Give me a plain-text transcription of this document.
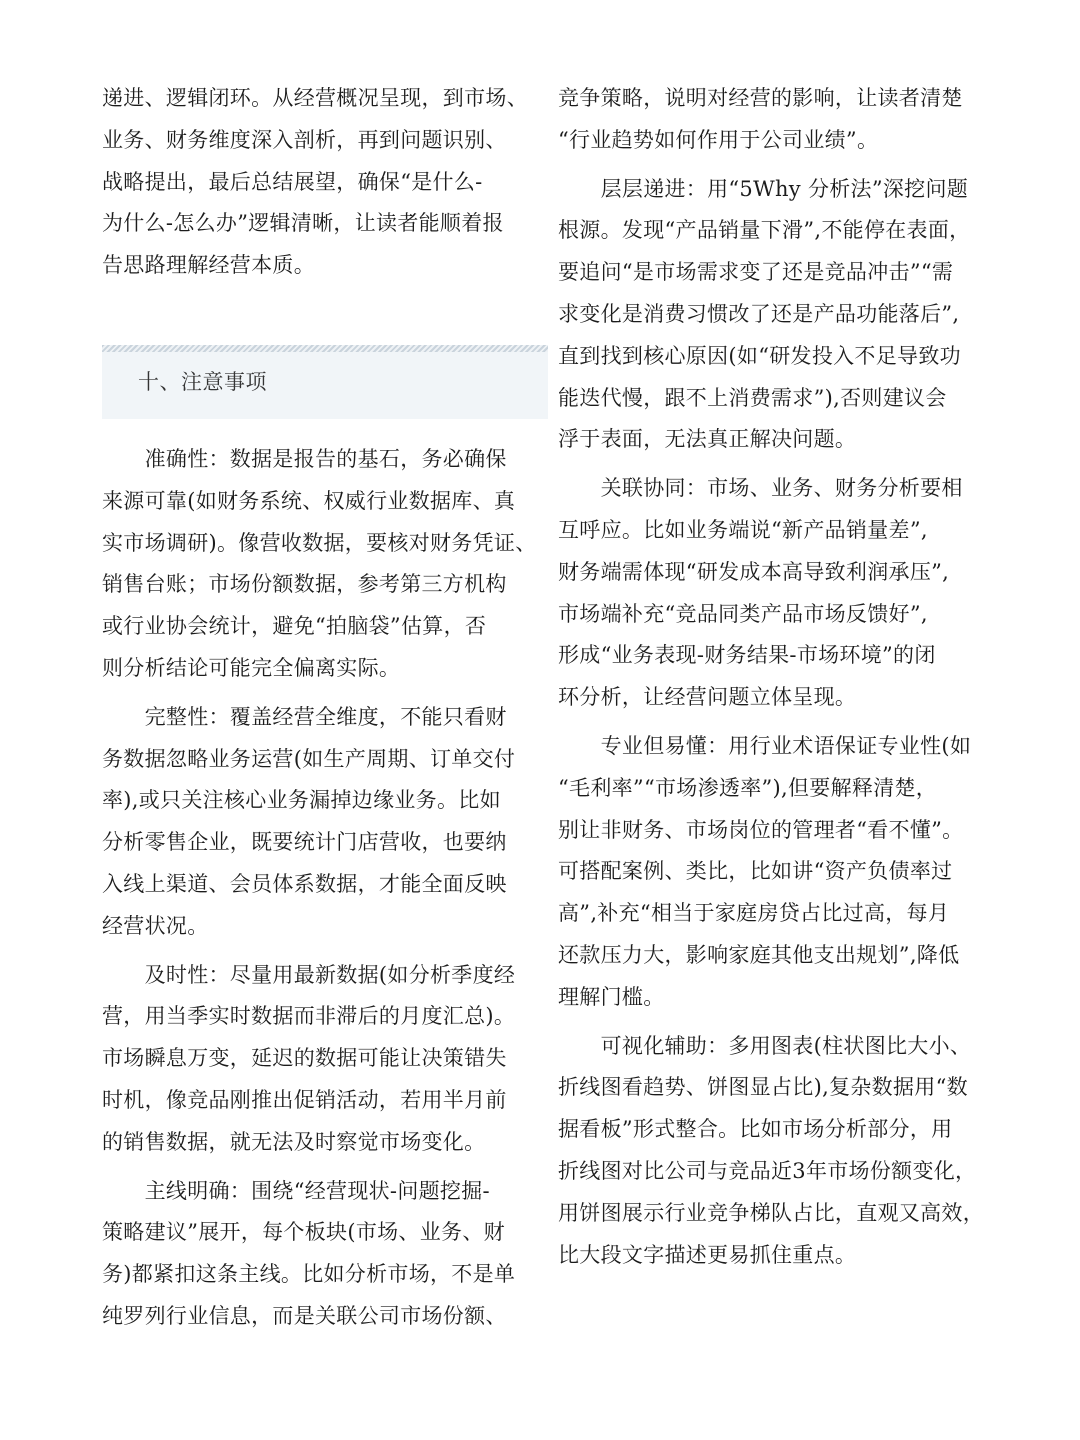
递进、逻辑闭环。从经营概况呈现，到市场、
业务、财务维度深入剖析，再到问题识别、
战略提出，最后总结展望，确保“是什么-
为什么-怎么办”逻辑清晰，让读者能顺着报
告思路理解经营本质。
十、注意事项
　　准确性：数据是报告的基石，务必确保
来源可靠(如财务系统、权威行业数据库、真
实市场调研)。像营收数据，要核对财务凭证、
销售台账；市场份额数据，参考第三方机构
或行业协会统计，避免“拍脑袋”估算，否
则分析结论可能完全偏离实际。
　　完整性：覆盖经营全维度，不能只看财
务数据忽略业务运营(如生产周期、订单交付
率),或只关注核心业务漏掉边缘业务。比如
分析零售企业，既要统计门店营收，也要纳
入线上渠道、会员体系数据，才能全面反映
经营状况。
　　及时性：尽量用最新数据(如分析季度经
营，用当季实时数据而非滞后的月度汇总)。
市场瞬息万变，延迟的数据可能让决策错失
时机，像竞品刚推出促销活动，若用半月前
的销售数据，就无法及时察觉市场变化。
　　主线明确：围绕“经营现状-问题挖掘-
策略建议”展开，每个板块(市场、业务、财
务)都紧扣这条主线。比如分析市场，不是单
纯罗列行业信息，而是关联公司市场份额、
竞争策略，说明对经营的影响，让读者清楚
“行业趋势如何作用于公司业绩”。
　　层层递进：用“5Why 分析法”深挖问题
根源。发现“产品销量下滑”,不能停在表面，
要追问“是市场需求变了还是竞品冲击”“需
求变化是消费习惯改了还是产品功能落后”,
直到找到核心原因(如“研发投入不足导致功
能迭代慢，跟不上消费需求”),否则建议会
浮于表面，无法真正解决问题。
　　关联协同：市场、业务、财务分析要相
互呼应。比如业务端说“新产品销量差”,
财务端需体现“研发成本高导致利润承压”,
市场端补充“竞品同类产品市场反馈好”,
形成“业务表现-财务结果-市场环境”的闭
环分析，让经营问题立体呈现。
　　专业但易懂：用行业术语保证专业性(如
“毛利率”“市场渗透率”),但要解释清楚，
别让非财务、市场岗位的管理者“看不懂”。
可搭配案例、类比，比如讲“资产负债率过
高”,补充“相当于家庭房贷占比过高，每月
还款压力大，影响家庭其他支出规划”,降低
理解门槛。
　　可视化辅助：多用图表(柱状图比大小、
折线图看趋势、饼图显占比),复杂数据用“数
据看板”形式整合。比如市场分析部分，用
折线图对比公司与竞品近3年市场份额变化，
用饼图展示行业竞争梯队占比，直观又高效，
比大段文字描述更易抓住重点。
